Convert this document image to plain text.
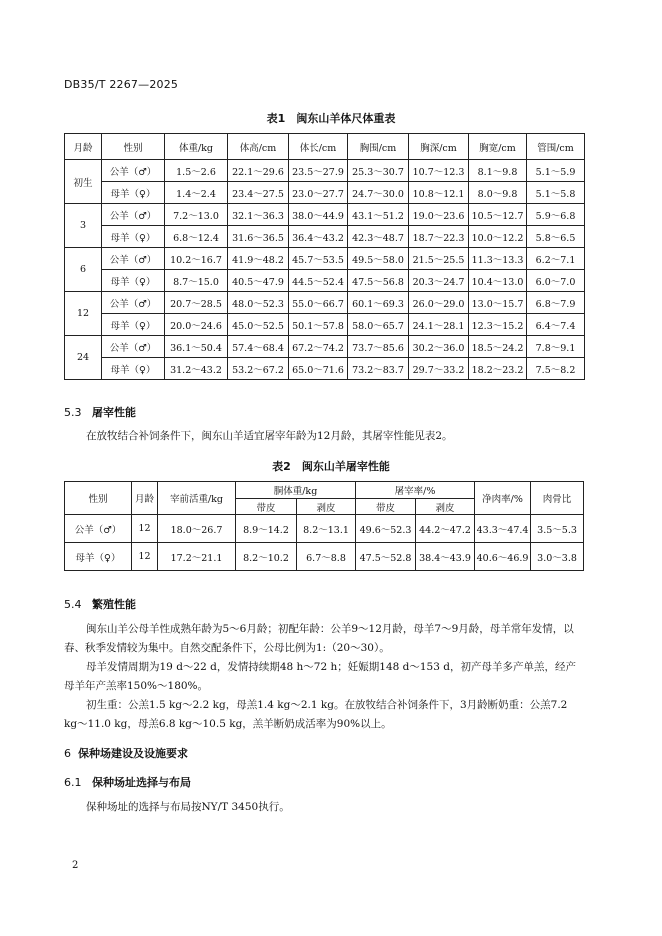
DB35/T 2267—2025
表1　闽东山羊体尺体重表
月龄	性别	体重/kg	体高/cm	体长/cm	胸围/cm	胸深/cm	胸宽/cm	管围/cm
初生	公羊（♂）	1.5～2.6	22.1～29.6	23.5～27.9	25.3～30.7	10.7～12.3	8.1～9.8	5.1～5.9
	母羊（♀）	1.4～2.4	23.4～27.5	23.0～27.7	24.7～30.0	10.8～12.1	8.0～9.8	5.1～5.8
3	公羊（♂）	7.2～13.0	32.1～36.3	38.0～44.9	43.1～51.2	19.0～23.6	10.5～12.7	5.9～6.8
	母羊（♀）	6.8～12.4	31.6～36.5	36.4～43.2	42.3～48.7	18.7～22.3	10.0～12.2	5.8～6.5
6	公羊（♂）	10.2～16.7	41.9～48.2	45.7～53.5	49.5～58.0	21.5～25.5	11.3～13.3	6.2～7.1
	母羊（♀）	8.7～15.0	40.5～47.9	44.5～52.4	47.5～56.8	20.3～24.7	10.4～13.0	6.0～7.0
12	公羊（♂）	20.7～28.5	48.0～52.3	55.0～66.7	60.1～69.3	26.0～29.0	13.0～15.7	6.8～7.9
	母羊（♀）	20.0～24.6	45.0～52.5	50.1～57.8	58.0～65.7	24.1～28.1	12.3～15.2	6.4～7.4
24	公羊（♂）	36.1～50.4	57.4～68.4	67.2～74.2	73.7～85.6	30.2～36.0	18.5～24.2	7.8～9.1
	母羊（♀）	31.2～43.2	53.2～67.2	65.0～71.6	73.2～83.7	29.7～33.2	18.2～23.2	7.5～8.2
5.3 屠宰性能

在放牧结合补饲条件下，闽东山羊适宜屠宰年龄为12月龄，其屠宰性能见表2。

表2　闽东山羊屠宰性能
性别	月龄	宰前活重/kg	胴体重/kg		屠宰率/%		净肉率/%	肉骨比
			带皮	剥皮	带皮	剥皮		
公羊（♂）	12	18.0～26.7	8.9～14.2	8.2～13.1	49.6～52.3	44.2～47.2	43.3～47.4	3.5～5.3
母羊（♀）	12	17.2～21.1	8.2～10.2	6.7～8.8	47.5～52.8	38.4～43.9	40.6～46.9	3.0～3.8
5.4 繁殖性能

闽东山羊公母羊性成熟年龄为5～6月龄；初配年龄：公羊9～12月龄，母羊7～9月龄，母羊常年发情，以春、秋季发情较为集中。自然交配条件下，公母比例为1:（20～30）。

母羊发情周期为19 d～22 d，发情持续期48 h～72 h；妊娠期148 d～153 d，初产母羊多产单羔，经产母羊年产羔率150%～180%。

初生重：公羔1.5 kg～2.2 kg，母羔1.4 kg～2.1 kg。在放牧结合补饲条件下，3月龄断奶重：公羔7.2 kg～11.0 kg，母羔6.8 kg～10.5 kg，羔羊断奶成活率为90%以上。

6 保种场建设及设施要求
6.1 保种场址选择与布局

保种场址的选择与布局按NY/T 3450执行。

2
